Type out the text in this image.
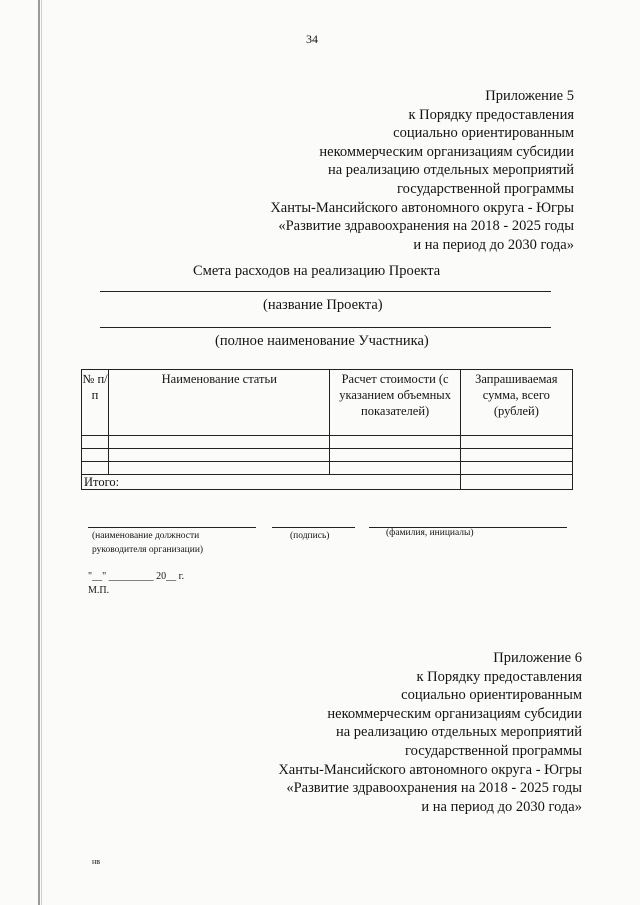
34
Приложение 5
к Порядку предоставления
социально ориентированным
некоммерческим организациям субсидии
на реализацию отдельных мероприятий
государственной программы
Ханты-Мансийского автономного округа - Югры
«Развитие здравоохранения на 2018 - 2025 годы
и на период до 2030 года»
Смета расходов на реализацию Проекта
(название Проекта)
(полное наименование Участника)
№ п/п	Наименование статьи	Расчет стоимости (с указанием объемных показателей)	Запрашиваемая сумма, всего (рублей)

Итого:			
(наименование должности
руководителя организации)
(подпись)	(фамилия, инициалы)
"__" _________ 20__ г.
М.П.
Приложение 6
к Порядку предоставления
социально ориентированным
некоммерческим организациям субсидии
на реализацию отдельных мероприятий
государственной программы
Ханты-Мансийского автономного округа - Югры
«Развитие здравоохранения на 2018 - 2025 годы
и на период до 2030 года»
нв
